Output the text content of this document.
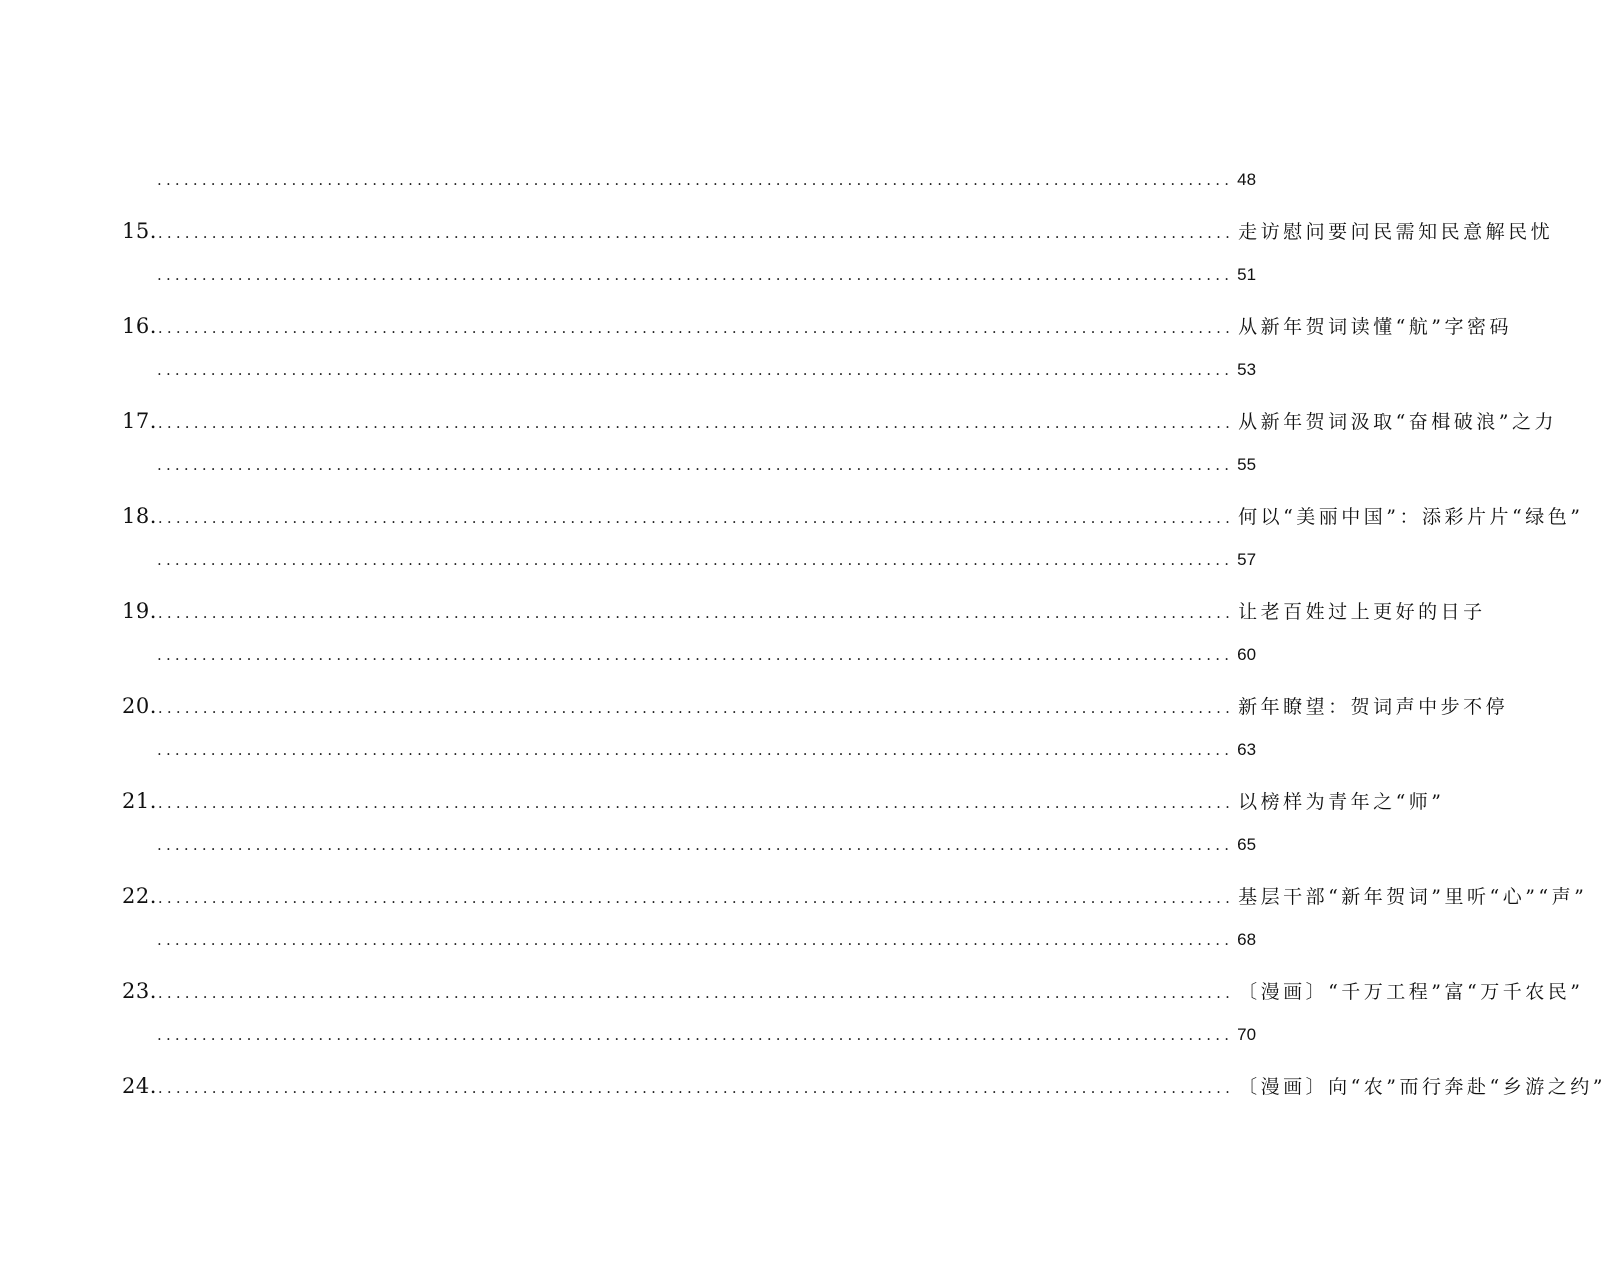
........................................................................................................................ 48
15. ........................................................................................................................ 走访慰问要问民需知民意解民忧
........................................................................................................................ 51
16. ........................................................................................................................ 从新年贺词读懂“航”字密码
........................................................................................................................ 53
17. ........................................................................................................................ 从新年贺词汲取“奋楫破浪”之力
........................................................................................................................ 55
18. ........................................................................................................................ 何以“美丽中国”：添彩片片“绿色”
........................................................................................................................ 57
19. ........................................................................................................................ 让老百姓过上更好的日子
........................................................................................................................ 60
20. ........................................................................................................................ 新年瞭望：贺词声中步不停
........................................................................................................................ 63
21. ........................................................................................................................ 以榜样为青年之“师”
........................................................................................................................ 65
22. ........................................................................................................................ 基层干部“新年贺词”里听“心”“声”
........................................................................................................................ 68
23. ........................................................................................................................ 〔漫画〕“千万工程”富“万千农民”
........................................................................................................................ 70
24. ........................................................................................................................ 〔漫画〕向“农”而行奔赴“乡游之约”
